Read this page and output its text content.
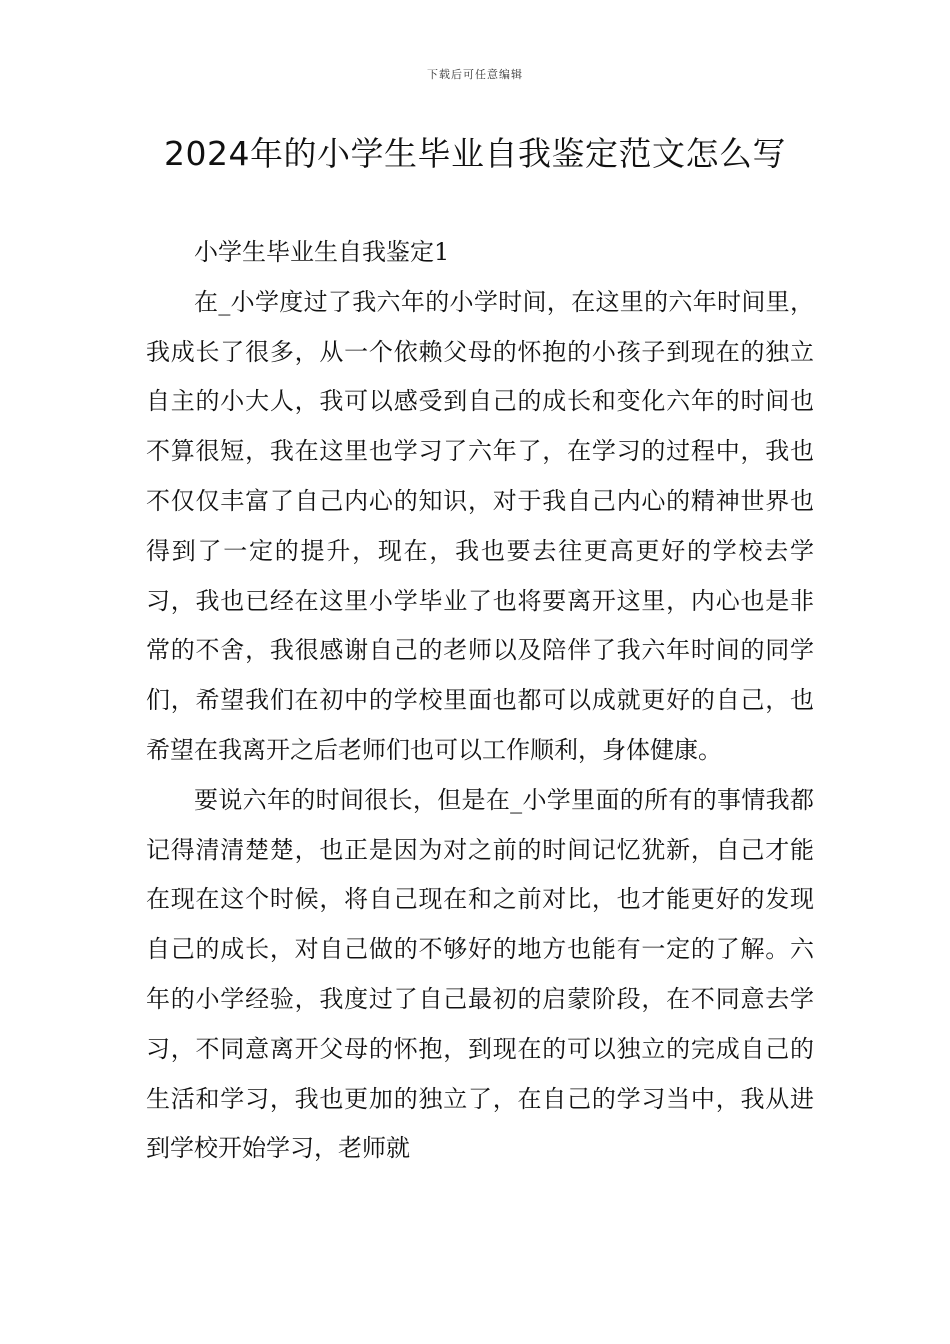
下载后可任意编辑
2024年的小学生毕业自我鉴定范文怎么写

小学生毕业生自我鉴定1

在_小学度过了我六年的小学时间，在这里的六年时间里，我成长了很多，从一个依赖父母的怀抱的小孩子到现在的独立自主的小大人，我可以感受到自己的成长和变化六年的时间也不算很短，我在这里也学习了六年了，在学习的过程中，我也不仅仅丰富了自己内心的知识，对于我自己内心的精神世界也得到了一定的提升，现在，我也要去往更高更好的学校去学习，我也已经在这里小学毕业了也将要离开这里，内心也是非常的不舍，我很感谢自己的老师以及陪伴了我六年时间的同学们，希望我们在初中的学校里面也都可以成就更好的自己，也希望在我离开之后老师们也可以工作顺利，身体健康。

要说六年的时间很长，但是在_小学里面的所有的事情我都记得清清楚楚，也正是因为对之前的时间记忆犹新，自己才能在现在这个时候，将自己现在和之前对比，也才能更好的发现自己的成长，对自己做的不够好的地方也能有一定的了解。六年的小学经验，我度过了自己最初的启蒙阶段，在不同意去学习，不同意离开父母的怀抱，到现在的可以独立的完成自己的生活和学习，我也更加的独立了，在自己的学习当中，我从进到学校开始学习，老师就
